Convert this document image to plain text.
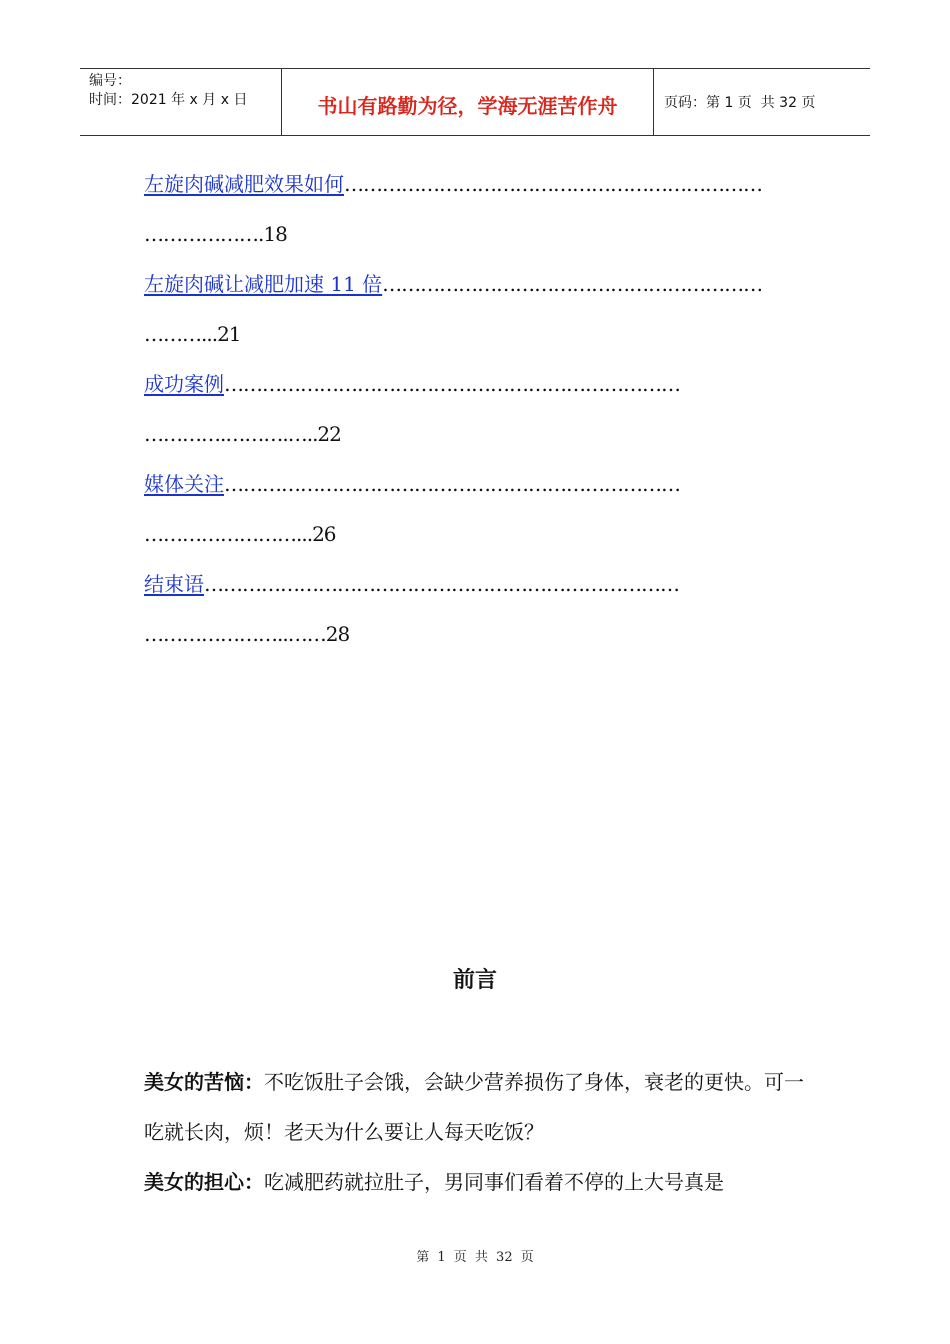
编号：
时间：2021 年 x 月 x 日	书山有路勤为径，学海无涯苦作舟	页码：第 1 页  共 32 页
左旋肉碱减肥效果如何…………………………………………………………
……………….18
左旋肉碱让减肥加速 11 倍……………………………………………………
………...21
成功案例………………………………………………………………
………….……….…..22
媒体关注………………………………………………………………
……………………...26
结束语…………………………………………………………………
…………………..……28
前言
美女的苦恼：不吃饭肚子会饿，会缺少营养损伤了身体，衰老的更快。可一吃就长肉，烦！老天为什么要让人每天吃饭？
美女的担心：吃减肥药就拉肚子，男同事们看着不停的上大号真是
第 1 页 共 32 页
